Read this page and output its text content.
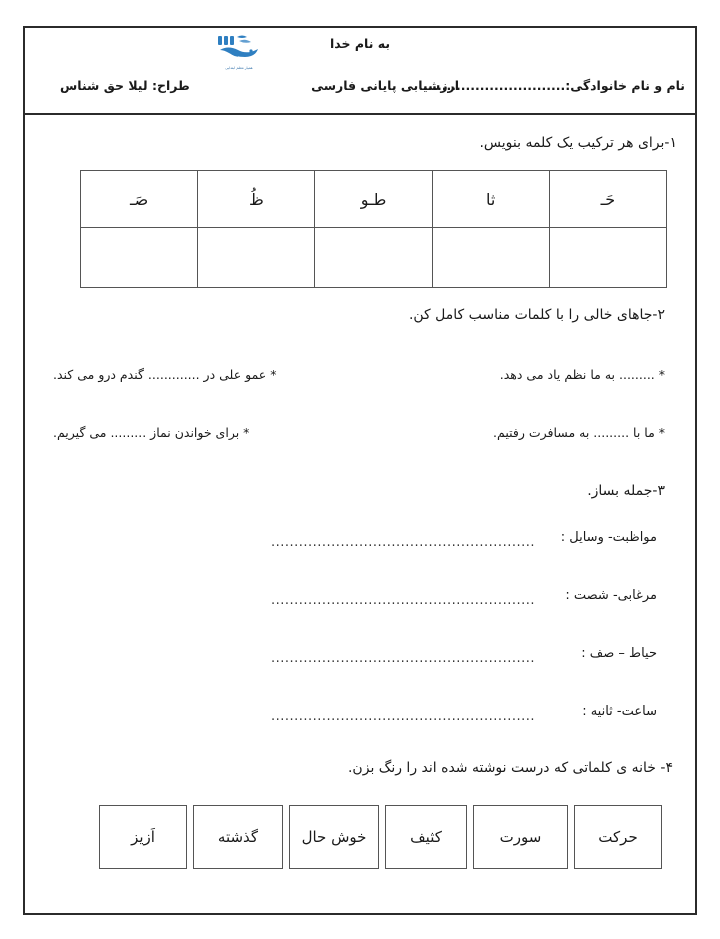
به نام خدا
همیار معلم ابتدایی
نام و نام خانوادگی:..............................
ارزشیابی پایانی فارسی
طراح: لیلا حق شناس
۱-برای هر ترکیب یک کلمه بنویس.
حَـ	ثا	طـو	ظُ	صَـ

۲-جاهای خالی را با کلمات مناسب کامل کن.
* ......... به ما نظم یاد می دهد.
* عمو علی در ............. گندم درو می کند.
* ما با ......... به مسافرت رفتیم.
* برای خواندن نماز ......... می گیریم.
۳-جمله بساز.
مواظبت- وسایل :
.........................................................
مرغابی- شصت :
.........................................................
حیاط – صف :
.........................................................
ساعت- ثانیه :
.........................................................
۴- خانه ی کلماتی که درست نوشته شده اند را رنگ بزن.
حرکت
سورت
کثیف
خوش حال
گذشته
اَزیز
